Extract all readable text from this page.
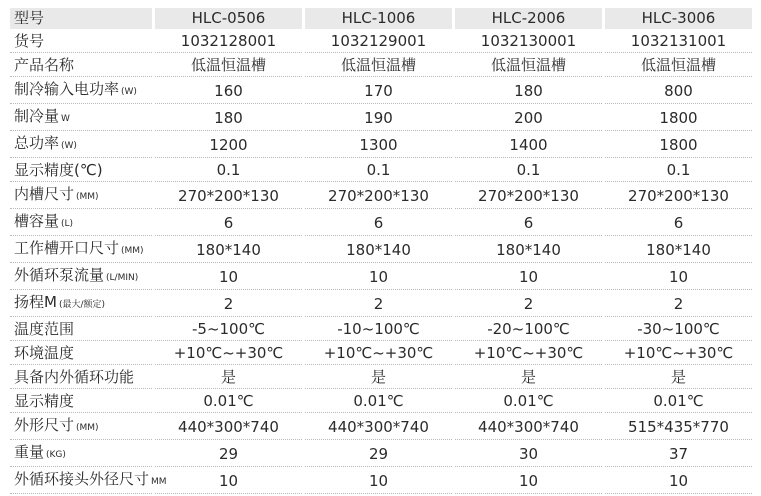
型号	HLC-0506	HLC-1006	HLC-2006	HLC-3006
货号	1032128001	1032129001	1032130001	1032131001
产品名称	低温恒温槽	低温恒温槽	低温恒温槽	低温恒温槽
制冷输入电功率 (W)	160	170	180	800
制冷量 W	180	190	200	1800
总功率 (W)	1200	1300	1400	1800
显示精度(℃)	0.1	0.1	0.1	0.1
内槽尺寸 (MM)	270*200*130	270*200*130	270*200*130	270*200*130
槽容量 (L)	6	6	6	6
工作槽开口尺寸 (MM)	180*140	180*140	180*140	180*140
外循环泵流量 (L/MIN)	10	10	10	10
扬程M (最大/额定)	2	2	2	2
温度范围	-5~100℃	-10~100℃	-20~100℃	-30~100℃
环境温度	+10℃~+30℃	+10℃~+30℃	+10℃~+30℃	+10℃~+30℃
具备内外循环功能	是	是	是	是
显示精度	0.01℃	0.01℃	0.01℃	0.01℃
外形尺寸 (MM)	440*300*740	440*300*740	440*300*740	515*435*770
重量 (KG)	29	29	30	37
外循环接头外径尺寸 MM	10	10	10	10
